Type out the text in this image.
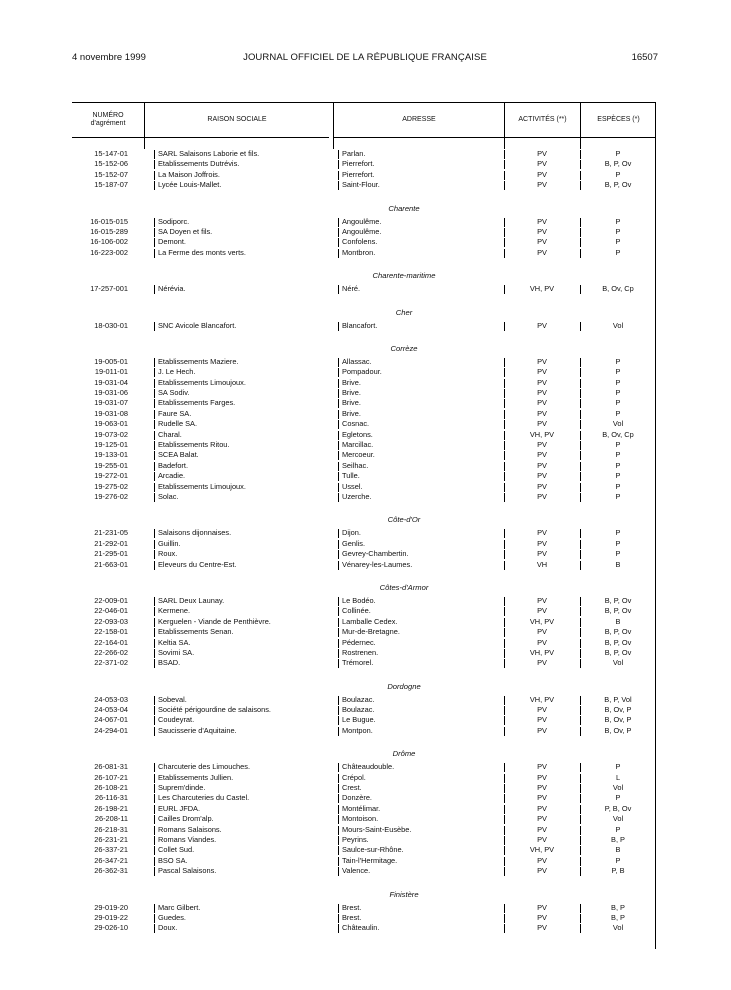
4 novembre 1999	JOURNAL OFFICIEL DE LA RÉPUBLIQUE FRANÇAISE	16507
NUMÉRO
d'agrément
RAISON SOCIALE	ADRESSE	ACTIVITÉS (**)	ESPÈCES (*)
15-147-01	SARL Salaisons Laborie et fils.	Parlan.	PV	P
15-152-06	Etablissements Dutrévis.	Pierrefort.	PV	B, P, Ov
15-152-07	La Maison Joffrois.	Pierrefort.	PV	P
15-187-07	Lycée Louis-Mallet.	Saint-Flour.	PV	B, P, Ov
Charente
16-015-015	Sodiporc.	Angoulême.	PV	P
16-015-289	SA Doyen et fils.	Angoulême.	PV	P
16-106-002	Demont.	Confolens.	PV	P
16-223-002	La Ferme des monts verts.	Montbron.	PV	P
Charente-maritime
17-257-001	Nérévia.	Néré.	VH, PV	B, Ov, Cp
Cher
18-030-01	SNC Avicole Blancafort.	Blancafort.	PV	Vol
Corrèze
19-005-01	Etablissements Maziere.	Allassac.	PV	P
19-011-01	J. Le Hech.	Pompadour.	PV	P
19-031-04	Etablissements Limoujoux.	Brive.	PV	P
19-031-06	SA Sodiv.	Brive.	PV	P
19-031-07	Etablissements Farges.	Brive.	PV	P
19-031-08	Faure SA.	Brive.	PV	P
19-063-01	Rudelle SA.	Cosnac.	PV	Vol
19-073-02	Charal.	Egletons.	VH, PV	B, Ov, Cp
19-125-01	Etablissements Ritou.	Marcillac.	PV	P
19-133-01	SCEA Balat.	Mercoeur.	PV	P
19-255-01	Badefort.	Seilhac.	PV	P
19-272-01	Arcadie.	Tulle.	PV	P
19-275-02	Etablissements Limoujoux.	Ussel.	PV	P
19-276-02	Solac.	Uzerche.	PV	P
Côte-d'Or
21-231-05	Salaisons dijonnaises.	Dijon.	PV	P
21-292-01	Guillin.	Genlis.	PV	P
21-295-01	Roux.	Gevrey-Chambertin.	PV	P
21-663-01	Eleveurs du Centre-Est.	Vénarey-les-Laumes.	VH	B
Côtes-d'Armor
22-009-01	SARL Deux Launay.	Le Bodéo.	PV	B, P, Ov
22-046-01	Kermene.	Collinée.	PV	B, P, Ov
22-093-03	Kerguelen - Viande de Penthièvre.	Lamballe Cedex.	VH, PV	B
22-158-01	Etablissements Senan.	Mur-de-Bretagne.	PV	B, P, Ov
22-164-01	Keltia SA.	Pédernec.	PV	B, P, Ov
22-266-02	Sovimi SA.	Rostrenen.	VH, PV	B, P, Ov
22-371-02	BSAD.	Trémorel.	PV	Vol
Dordogne
24-053-03	Sobeval.	Boulazac.	VH, PV	B, P, Vol
24-053-04	Société périgourdine de salaisons.	Boulazac.	PV	B, Ov, P
24-067-01	Coudeyrat.	Le Bugue.	PV	B, Ov, P
24-294-01	Saucisserie d'Aquitaine.	Montpon.	PV	B, Ov, P
Drôme
26-081-31	Charcuterie des Limouches.	Châteaudouble.	PV	P
26-107-21	Etablissements Jullien.	Crépol.	PV	L
26-108-21	Suprem'dinde.	Crest.	PV	Vol
26-116-31	Les Charcuteries du Castel.	Donzère.	PV	P
26-198-21	EURL JFDA.	Montélimar.	PV	P, B, Ov
26-208-11	Cailles Drom'alp.	Montoison.	PV	Vol
26-218-31	Romans Salaisons.	Mours-Saint-Eusèbe.	PV	P
26-231-21	Romans Viandes.	Peyrins.	PV	B, P
26-337-21	Collet Sud.	Saulce-sur-Rhône.	VH, PV	B
26-347-21	BSO SA.	Tain-l'Hermitage.	PV	P
26-362-31	Pascal Salaisons.	Valence.	PV	P, B
Finistère
29-019-20	Marc Gilbert.	Brest.	PV	B, P
29-019-22	Guedes.	Brest.	PV	B, P
29-026-10	Doux.	Châteaulin.	PV	Vol
